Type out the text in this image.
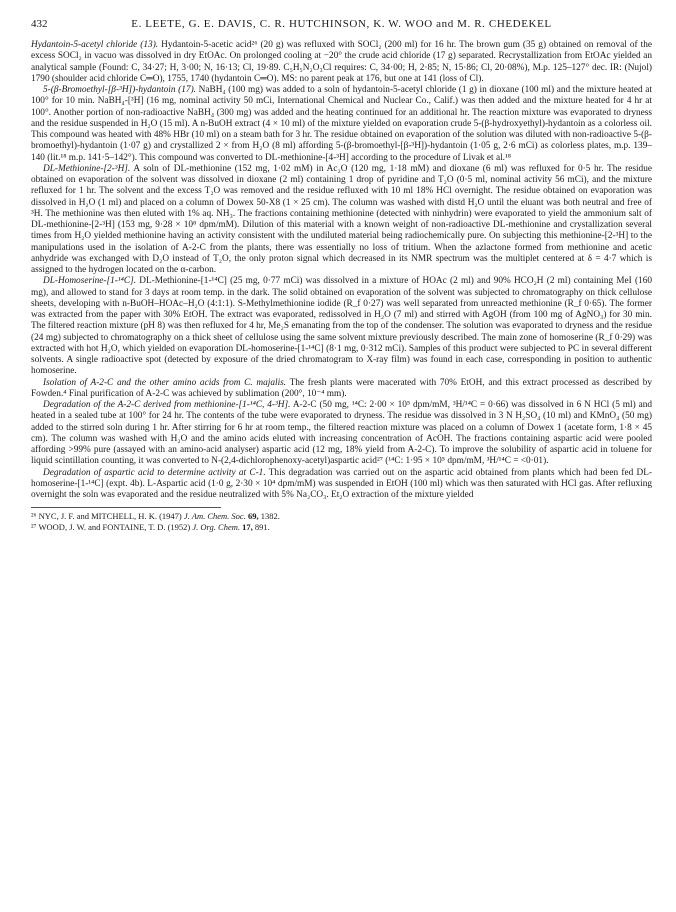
432	E. LEETE, G. E. DAVIS, C. R. HUTCHINSON, K. W. WOO and M. R. CHEDEKEL

Hydantoin-5-acetyl chloride (13). Hydantoin-5-acetic acid²⁶ (20 g) was refluxed with SOCl₂ (200 ml) for 16 hr. The brown gum (35 g) obtained on removal of the excess SOCl₂ in vacuo was dissolved in dry EtOAc. On prolonged cooling at −20° the crude acid chloride (17 g) separated. Recrystallization from EtOAc yielded an analytical sample (Found: C, 34·27; H, 3·00; N, 16·13; Cl, 19·89. C₅H₅N₂O₃Cl requires: C, 34·00; H, 2·85; N, 15·86; Cl, 20·08%), M.p. 125–127° dec. IR: (Nujol) 1790 (shoulder acid chloride C═O), 1755, 1740 (hydantoin C═O). MS: no parent peak at 176, but one at 141 (loss of Cl).

5-(β-Bromoethyl-[β-³H])-hydantoin (17). NaBH₄ (100 mg) was added to a soln of hydantoin-5-acetyl chloride (1 g) in dioxane (100 ml) and the mixture heated at 100° for 10 min. NaBH₄-[³H] (16 mg, nominal activity 50 mCi, International Chemical and Nuclear Co., Calif.) was then added and the mixture heated for 4 hr at 100°. Another portion of non-radioactive NaBH₄ (300 mg) was added and the heating continued for an additional hr. The reaction mixture was evaporated to dryness and the residue suspended in H₂O (15 ml). A n-BuOH extract (4 × 10 ml) of the mixture yielded on evaporation crude 5-(β-hydroxyethyl)-hydantoin as a colorless oil. This compound was heated with 48% HBr (10 ml) on a steam bath for 3 hr. The residue obtained on evaporation of the solution was diluted with non-radioactive 5-(β-bromoethyl)-hydantoin (1·07 g) and crystallized 2 × from H₂O (8 ml) affording 5-(β-bromoethyl-[β-³H])-hydantoin (1·05 g, 2·6 mCi) as colorless plates, m.p. 139–140 (lit.¹⁸ m.p. 141·5–142°). This compound was converted to DL-methionine-[4-³H] according to the procedure of Livak et al.¹⁸

DL-Methionine-[2-³H]. A soln of DL-methionine (152 mg, 1·02 mM) in Ac₂O (120 mg, 1·18 mM) and dioxane (6 ml) was refluxed for 0·5 hr. The residue obtained on evaporation of the solvent was dissolved in dioxane (2 ml) containing 1 drop of pyridine and T₂O (0·5 ml, nominal activity 56 mCi), and the mixture refluxed for 1 hr. The solvent and the excess T₂O was removed and the residue refluxed with 10 ml 18% HCl overnight. The residue obtained on evaporation was dissolved in H₂O (1 ml) and placed on a column of Dowex 50-X8 (1 × 25 cm). The column was washed with distd H₂O until the eluant was both neutral and free of ³H. The methionine was then eluted with 1% aq. NH₃. The fractions containing methionine (detected with ninhydrin) were evaporated to yield the ammonium salt of DL-methionine-[2-³H] (153 mg, 9·28 × 10⁸ dpm/mM). Dilution of this material with a known weight of non-radioactive DL-methionine and crystallization several times from H₂O yielded methionine having an activity consistent with the undiluted material being radiochemically pure. On subjecting this methionine-[2-³H] to the manipulations used in the isolation of A-2-C from the plants, there was essentially no loss of tritium. When the azlactone formed from methionine and acetic anhydride was exchanged with D₂O instead of T₂O, the only proton signal which decreased in its NMR spectrum was the multiplet centered at δ = 4·7 which is assigned to the hydrogen located on the α-carbon.

DL-Homoserine-[1-¹⁴C]. DL-Methionine-[1-¹⁴C] (25 mg, 0·77 mCi) was dissolved in a mixture of HOAc (2 ml) and 90% HCO₂H (2 ml) containing MeI (160 mg), and allowed to stand for 3 days at room temp. in the dark. The solid obtained on evaporation of the solvent was subjected to chromatography on thick cellulose sheets, developing with n-BuOH–HOAc–H₂O (4:1:1). S-Methylmethionine iodide (R_f 0·27) was well separated from unreacted methionine (R_f 0·65). The former was extracted from the paper with 30% EtOH. The extract was evaporated, redissolved in H₂O (7 ml) and stirred with AgOH (from 100 mg of AgNO₃) for 30 min. The filtered reaction mixture (pH 8) was then refluxed for 4 hr, Me₂S emanating from the top of the condenser. The solution was evaporated to dryness and the residue (24 mg) subjected to chromatography on a thick sheet of cellulose using the same solvent mixture previously described. The main zone of homoserine (R_f 0·29) was extracted with hot H₂O, which yielded on evaporation DL-homoserine-[1-¹⁴C] (8·1 mg, 0·312 mCi). Samples of this product were subjected to PC in several different solvents. A single radioactive spot (detected by exposure of the dried chromatogram to X-ray film) was found in each case, corresponding in position to authentic homoserine.

Isolation of A-2-C and the other amino acids from C. majalis. The fresh plants were macerated with 70% EtOH, and this extract processed as described by Fowden.⁴ Final purification of A-2-C was achieved by sublimation (200°, 10⁻⁴ mm).

Degradation of the A-2-C derived from methionine-[1-¹⁴C, 4-³H]. A-2-C (50 mg, ¹⁴C: 2·00 × 10⁵ dpm/mM, ³H/¹⁴C = 0·66) was dissolved in 6 N HCl (5 ml) and heated in a sealed tube at 100° for 24 hr. The contents of the tube were evaporated to dryness. The residue was dissolved in 3 N H₂SO₄ (10 ml) and KMnO₄ (50 mg) added to the stirred soln during 1 hr. After stirring for 6 hr at room temp., the filtered reaction mixture was placed on a column of Dowex 1 (acetate form, 1·8 × 45 cm). The column was washed with H₂O and the amino acids eluted with increasing concentration of AcOH. The fractions containing aspartic acid were pooled affording >99% pure (assayed with an amino-acid analyser) aspartic acid (12 mg, 18% yield from A-2-C). To improve the solubility of aspartic acid in toluene for liquid scintillation counting, it was converted to N-(2,4-dichlorophenoxy-acetyl)aspartic acid²⁷ (¹⁴C: 1·95 × 10⁵ dpm/mM, ³H/¹⁴C = <0·01).

Degradation of aspartic acid to determine activity at C-1. This degradation was carried out on the aspartic acid obtained from plants which had been fed DL-homoserine-[1-¹⁴C] (expt. 4b). L-Aspartic acid (1·0 g, 2·30 × 10⁴ dpm/mM) was suspended in EtOH (100 ml) which was then saturated with HCl gas. After refluxing overnight the soln was evaporated and the residue neutralized with 5% Na₂CO₃. Et₂O extraction of the mixture yielded

²⁶ NYC, J. F. and MITCHELL, H. K. (1947) J. Am. Chem. Soc. 69, 1382.

²⁷ WOOD, J. W. and FONTAINE, T. D. (1952) J. Org. Chem. 17, 891.
